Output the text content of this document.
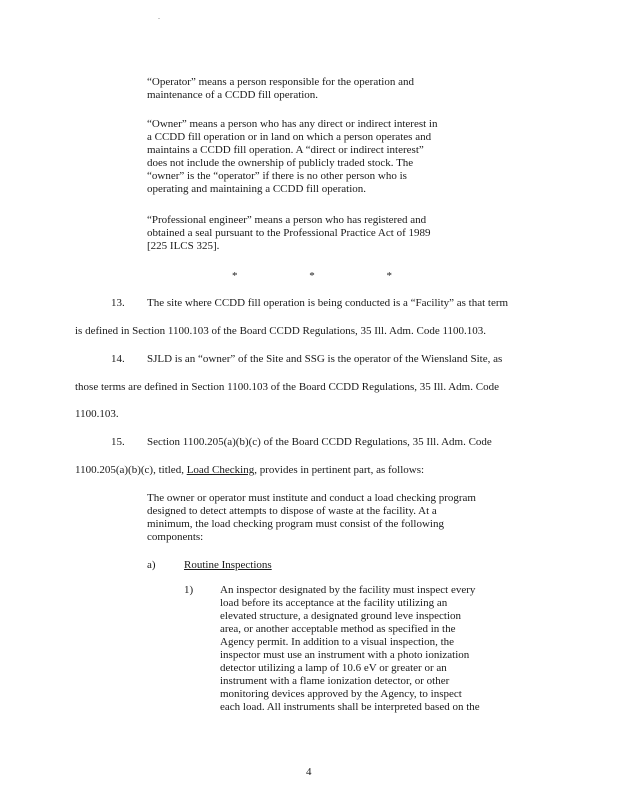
.
“Operator” means a person responsible for the operation and
maintenance of a CCDD fill operation.
“Owner” means a person who has any direct or indirect interest in
a CCDD fill operation or in land on which a person operates and
maintains a CCDD fill operation. A “direct or indirect interest”
does not include the ownership of publicly traded stock. The
“owner” is the “operator” if there is no other person who is
operating and maintaining a CCDD fill operation.
“Professional engineer” means a person who has registered and
obtained a seal pursuant to the Professional Practice Act of 1989
[225 ILCS 325].
*	*	*
13. The site where CCDD fill operation is being conducted is a “Facility” as that term
is defined in Section 1100.103 of the Board CCDD Regulations, 35 Ill. Adm. Code 1100.103.
14. SJLD is an “owner” of the Site and SSG is the operator of the Wiensland Site, as
those terms are defined in Section 1100.103 of the Board CCDD Regulations, 35 Ill. Adm. Code
1100.103.
15. Section 1100.205(a)(b)(c) of the Board CCDD Regulations, 35 Ill. Adm. Code
1100.205(a)(b)(c), titled, Load Checking, provides in pertinent part, as follows:
The owner or operator must institute and conduct a load checking program
designed to detect attempts to dispose of waste at the facility. At a
minimum, the load checking program must consist of the following
components:
a)	Routine Inspections
1) An inspector designated by the facility must inspect every
load before its acceptance at the facility utilizing an
elevated structure, a designated ground leve inspection
area, or another acceptable method as specified in the
Agency permit. In addition to a visual inspection, the
inspector must use an instrument with a photo ionization
detector utilizing a lamp of 10.6 eV or greater or an
instrument with a flame ionization detector, or other
monitoring devices approved by the Agency, to inspect
each load. All instruments shall be interpreted based on the
4
